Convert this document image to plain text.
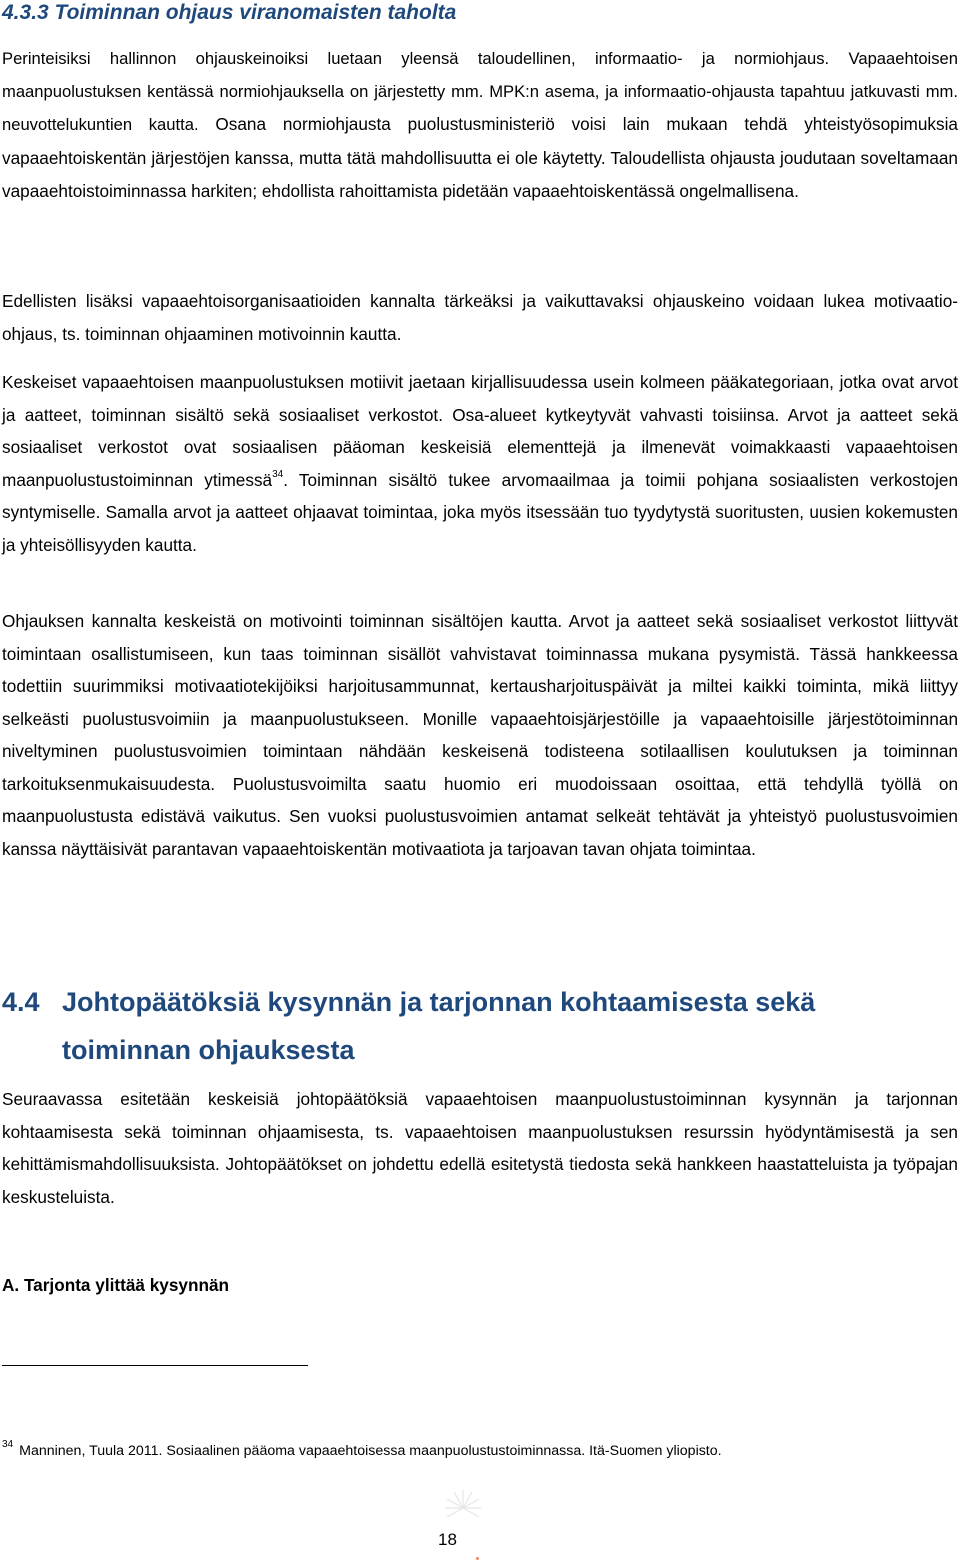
4.3.3 Toiminnan ohjaus viranomaisten taholta

Perinteisiksi hallinnon ohjauskeinoiksi luetaan yleensä taloudellinen, informaatio- ja normiohjaus. Vapaaehtoisen maanpuolustuksen kentässä normiohjauksella on järjestetty mm. MPK:n asema, ja informaatio-ohjausta tapahtuu jatkuvasti mm. neuvottelukuntien kautta. Osana normiohjausta puolustusministeriö voisi lain mukaan tehdä yhteistyösopimuksia vapaaehtoiskentän järjestöjen kanssa, mutta tätä mahdollisuutta ei ole käytetty. Taloudellista ohjausta joudutaan soveltamaan vapaaehtoistoiminnassa harkiten; ehdollista rahoittamista pidetään vapaaehtoiskentässä ongelmallisena.

Edellisten lisäksi vapaaehtoisorganisaatioiden kannalta tärkeäksi ja vaikuttavaksi ohjauskeino voidaan lukea motivaatio-ohjaus, ts. toiminnan ohjaaminen motivoinnin kautta.

Keskeiset vapaaehtoisen maanpuolustuksen motiivit jaetaan kirjallisuudessa usein kolmeen pääkategoriaan, jotka ovat arvot ja aatteet, toiminnan sisältö sekä sosiaaliset verkostot. Osa-alueet kytkeytyvät vahvasti toisiinsa. Arvot ja aatteet sekä sosiaaliset verkostot ovat sosiaalisen pääoman keskeisiä elementtejä ja ilmenevät voimakkaasti vapaaehtoisen maanpuolustustoiminnan ytimessä$^{34}$. Toiminnan sisältö tukee arvomaailmaa ja toimii pohjana sosiaalisten verkostojen syntymiselle. Samalla arvot ja aatteet ohjaavat toimintaa, joka myös itsessään tuo tyydytystä suoritusten, uusien kokemusten ja yhteisöllisyyden kautta.

Ohjauksen kannalta keskeistä on motivointi toiminnan sisältöjen kautta. Arvot ja aatteet sekä sosiaaliset verkostot liittyvät toimintaan osallistumiseen, kun taas toiminnan sisällöt vahvistavat toiminnassa mukana pysymistä. Tässä hankkeessa todettiin suurimmiksi motivaatiotekijöiksi harjoitusammunnat, kertausharjoituspäivät ja miltei kaikki toiminta, mikä liittyy selkeästi puolustusvoimiin ja maanpuolustukseen. Monille vapaaehtoisjärjestöille ja vapaaehtoisille järjestötoiminnan niveltyminen puolustusvoimien toimintaan nähdään keskeisenä todisteena sotilaallisen koulutuksen ja toiminnan tarkoituksenmukaisuudesta. Puolustusvoimilta saatu huomio eri muodoissaan osoittaa, että tehdyllä työllä on maanpuolustusta edistävä vaikutus. Sen vuoksi puolustusvoimien antamat selkeät tehtävät ja yhteistyö puolustusvoimien kanssa näyttäisivät parantavan vapaaehtoiskentän motivaatiota ja tarjoavan tavan ohjata toimintaa.

4.4 Johtopäätöksiä kysynnän ja tarjonnan kohtaamisesta sekä
toiminnan ohjauksesta

Seuraavassa esitetään keskeisiä johtopäätöksiä vapaaehtoisen maanpuolustustoiminnan kysynnän ja tarjonnan kohtaamisesta sekä toiminnan ohjaamisesta, ts. vapaaehtoisen maanpuolustuksen resurssin hyödyntämisestä ja sen kehittämismahdollisuuksista. Johtopäätökset on johdettu edellä esitetystä tiedosta sekä hankkeen haastatteluista ja työpajan keskusteluista.

A. Tarjonta ylittää kysynnän

$^{34}$ Manninen, Tuula 2011. Sosiaalinen pääoma vapaaehtoisessa maanpuolustustoiminnassa. Itä-Suomen yliopisto.

18
